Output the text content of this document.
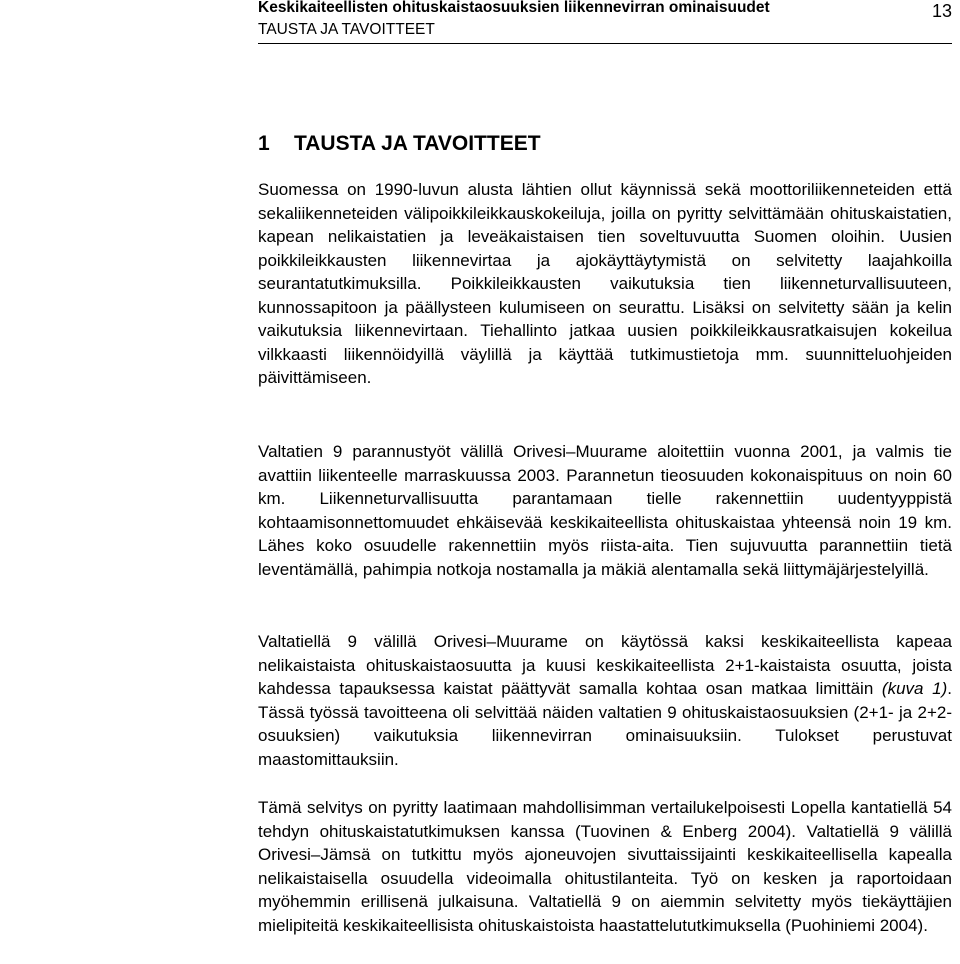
Keskikaiteellisten ohituskaistaosuuksien liikennevirran ominaisuudet
TAUSTA JA TAVOITTEET
13
1 TAUSTA JA TAVOITTEET

Suomessa on 1990-luvun alusta lähtien ollut käynnissä sekä moottoriliikenneteiden että sekaliikenneteiden välipoikkileikkauskokeiluja, joilla on pyritty selvittämään ohituskaistatien, kapean nelikaistatien ja leveäkaistaisen tien soveltuvuutta Suomen oloihin. Uusien poikkileikkausten liikennevirtaa ja ajokäyttäytymistä on selvitetty laajahkoilla seurantatutkimuksilla. Poikkileikkausten vaikutuksia tien liikenneturvallisuuteen, kunnossapitoon ja päällysteen kulumiseen on seurattu. Lisäksi on selvitetty sään ja kelin vaikutuksia liikennevirtaan. Tiehallinto jatkaa uusien poikkileikkausratkaisujen kokeilua vilkkaasti liikennöidyillä väylillä ja käyttää tutkimustietoja mm. suunnitteluohjeiden päivittämiseen.

Valtatien 9 parannustyöt välillä Orivesi–Muurame aloitettiin vuonna 2001, ja valmis tie avattiin liikenteelle marraskuussa 2003. Parannetun tieosuuden kokonaispituus on noin 60 km. Liikenneturvallisuutta parantamaan tielle rakennettiin uudentyyppistä kohtaamisonnettomuudet ehkäisevää keskikaiteellista ohituskaistaa yhteensä noin 19 km. Lähes koko osuudelle rakennettiin myös riista-aita. Tien sujuvuutta parannettiin tietä leventämällä, pahimpia notkoja nostamalla ja mäkiä alentamalla sekä liittymäjärjestelyillä.

Valtatiellä 9 välillä Orivesi–Muurame on käytössä kaksi keskikaiteellista kapeaa nelikaistaista ohituskaistaosuutta ja kuusi keskikaiteellista 2+1-kaistaista osuutta, joista kahdessa tapauksessa kaistat päättyvät samalla kohtaa osan matkaa limittäin (kuva 1). Tässä työssä tavoitteena oli selvittää näiden valtatien 9 ohituskaistaosuuksien (2+1- ja 2+2-osuuksien) vaikutuksia liikennevirran ominaisuuksiin. Tulokset perustuvat maastomittauksiin.

Tämä selvitys on pyritty laatimaan mahdollisimman vertailukelpoisesti Lopella kantatiellä 54 tehdyn ohituskaistatutkimuksen kanssa (Tuovinen & Enberg 2004). Valtatiellä 9 välillä Orivesi–Jämsä on tutkittu myös ajoneuvojen sivuttaissijainti keskikaiteellisella kapealla nelikaistaisella osuudella videoimalla ohitustilanteita. Työ on kesken ja raportoidaan myöhemmin erillisenä julkaisuna. Valtatiellä 9 on aiemmin selvitetty myös tiekäyttäjien mielipiteitä keskikaiteellisista ohituskaistoista haastattelututkimuksella (Puohiniemi 2004).
